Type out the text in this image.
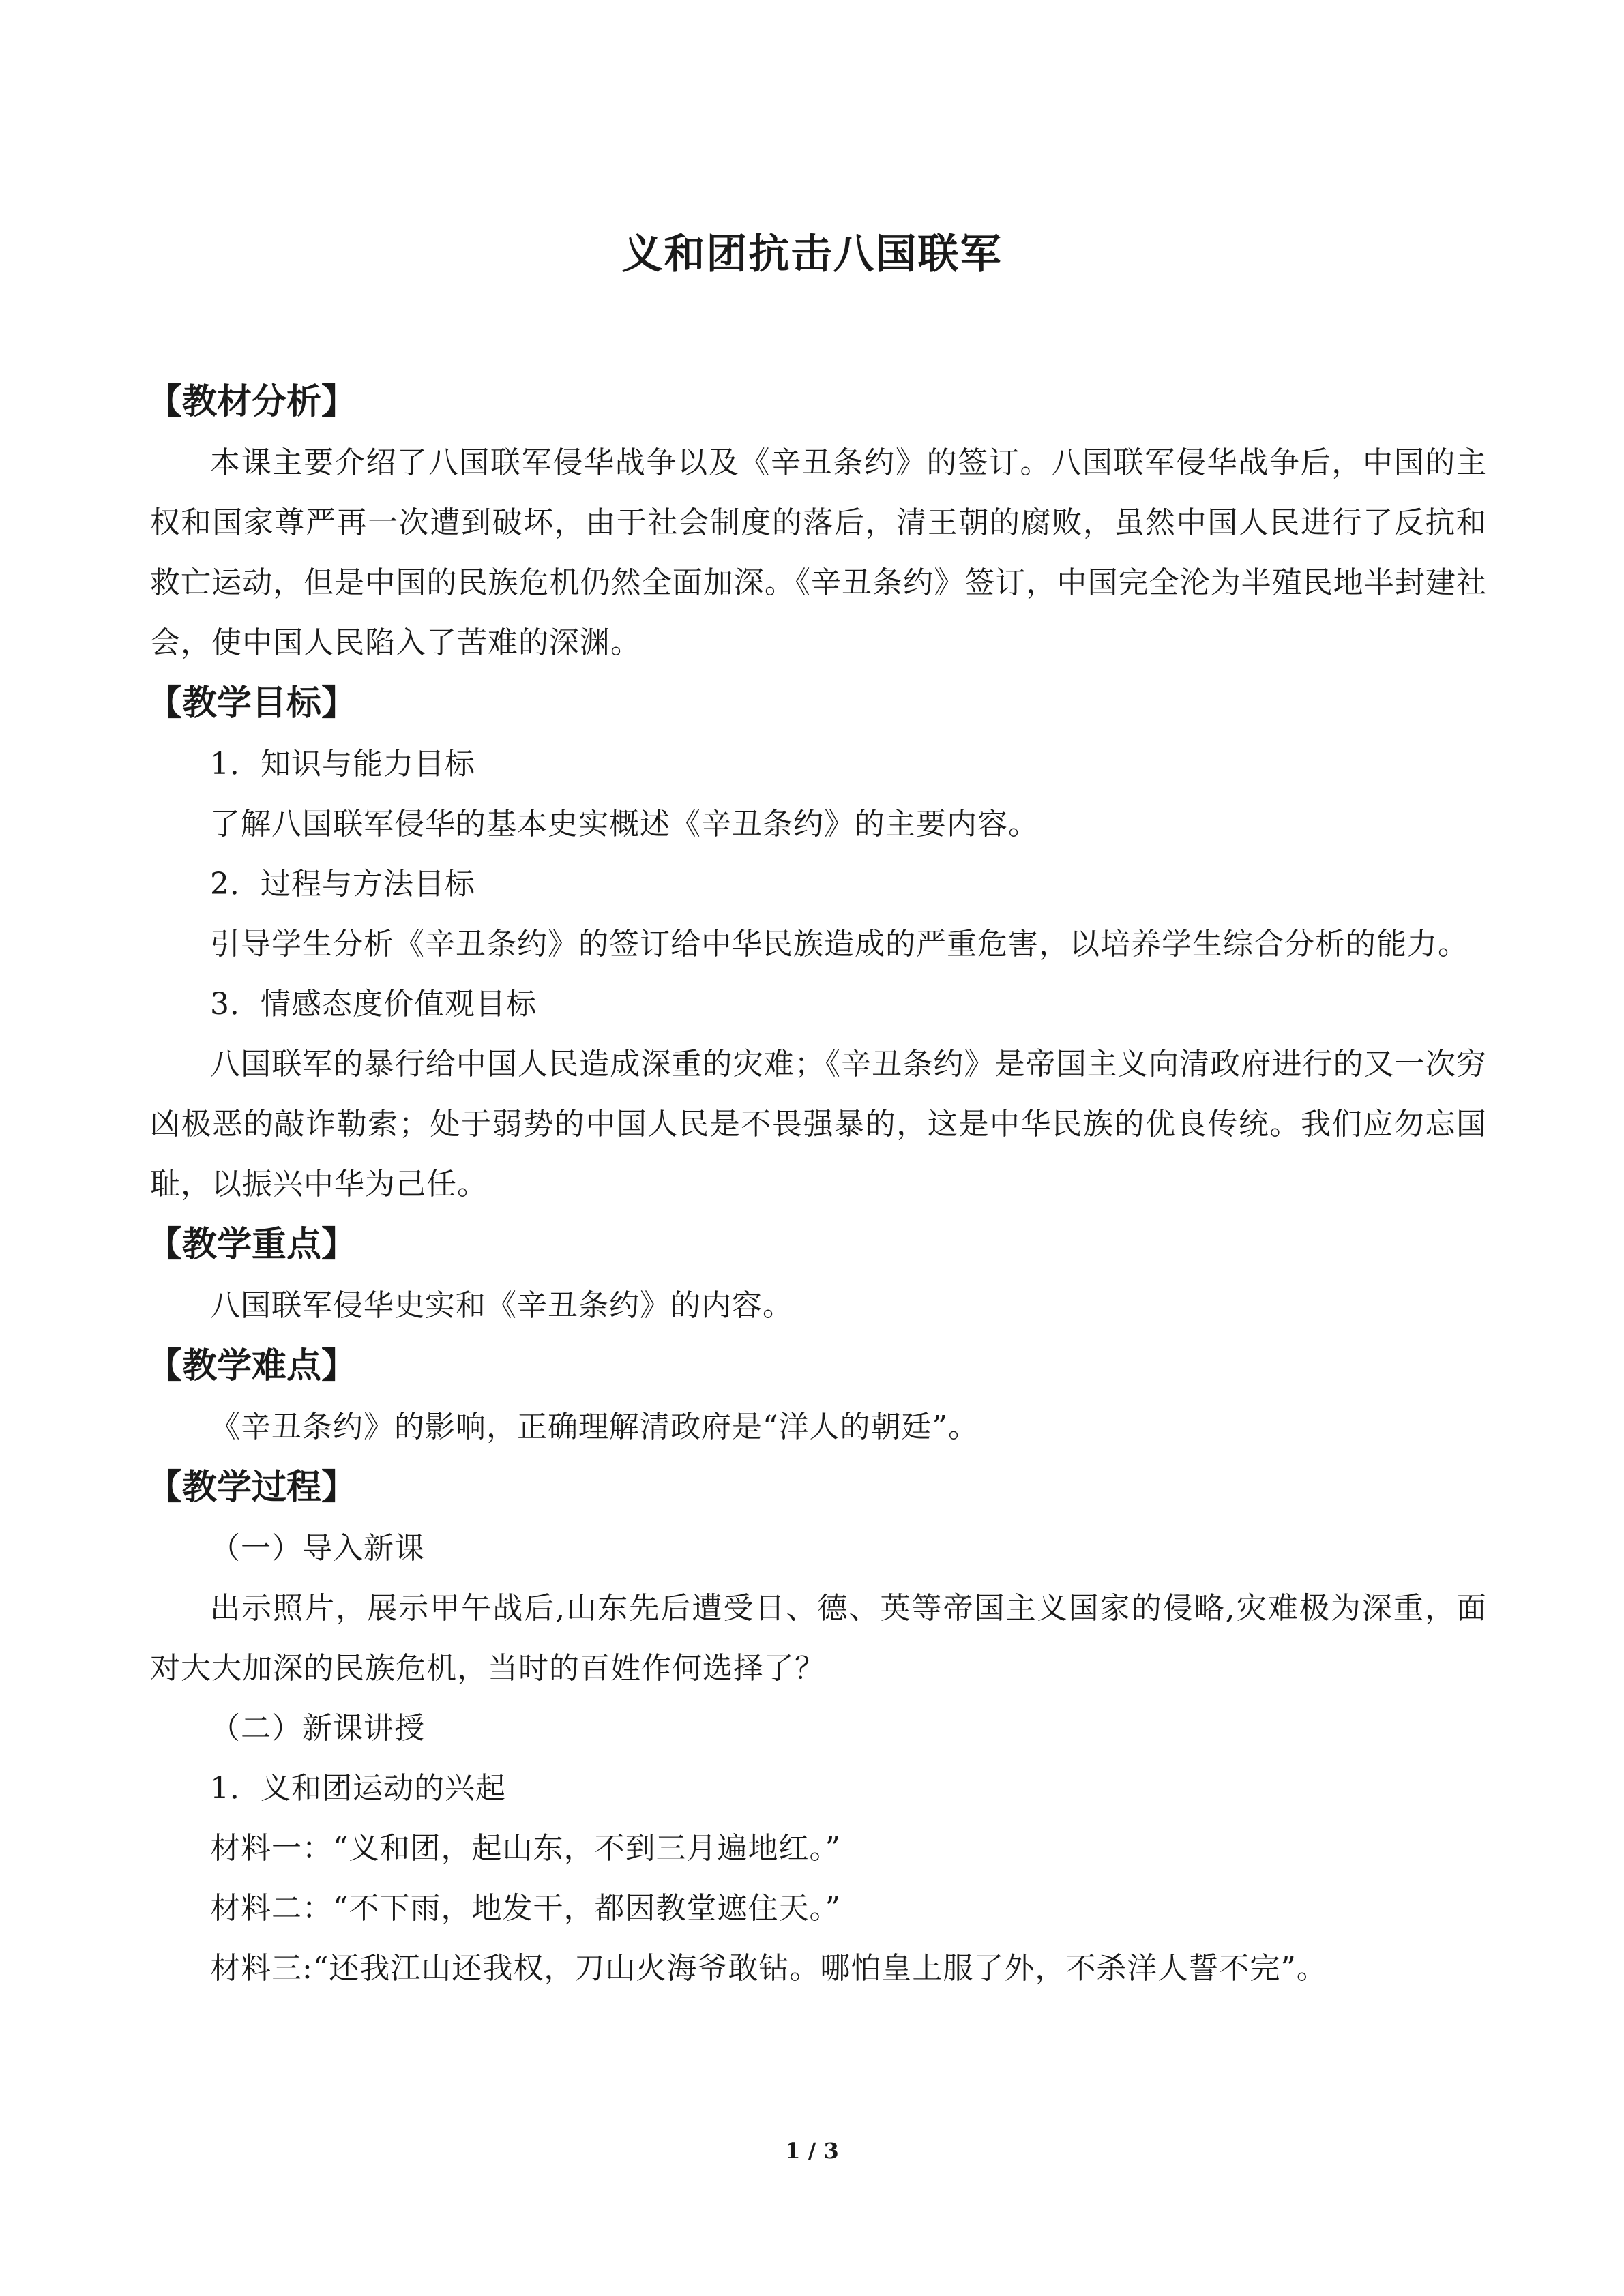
义和团抗击八国联军
【教材分析】

本课主要介绍了八国联军侵华战争以及《辛丑条约》的签订。八国联军侵华战争后，中国的主权和国家尊严再一次遭到破坏，由于社会制度的落后，清王朝的腐败，虽然中国人民进行了反抗和救亡运动，但是中国的民族危机仍然全面加深。《辛丑条约》签订，中国完全沦为半殖民地半封建社会，使中国人民陷入了苦难的深渊。

【教学目标】

1．知识与能力目标

了解八国联军侵华的基本史实概述《辛丑条约》的主要内容。

2．过程与方法目标

引导学生分析《辛丑条约》的签订给中华民族造成的严重危害，以培养学生综合分析的能力。

3．情感态度价值观目标

八国联军的暴行给中国人民造成深重的灾难；《辛丑条约》是帝国主义向清政府进行的又一次穷　凶极恶的敲诈勒索；处于弱势的中国人民是不畏强暴的，这是中华民族的优良传统。我们应勿忘国耻，以振兴中华为己任。

【教学重点】

八国联军侵华史实和《辛丑条约》的内容。

【教学难点】

《辛丑条约》的影响，正确理解清政府是“洋人的朝廷”。

【教学过程】

（一）导入新课

出示照片，展示甲午战后,山东先后遭受日、德、英等帝国主义国家的侵略,灾难极为深重，面对大大加深的民族危机，当时的百姓作何选择了？

（二）新课讲授

1．义和团运动的兴起

材料一：“义和团，起山东，不到三月遍地红。”

材料二：“不下雨，地发干，都因教堂遮住天。”

材料三:“还我江山还我权，刀山火海爷敢钻。哪怕皇上服了外，不杀洋人誓不完”。

1 / 3
